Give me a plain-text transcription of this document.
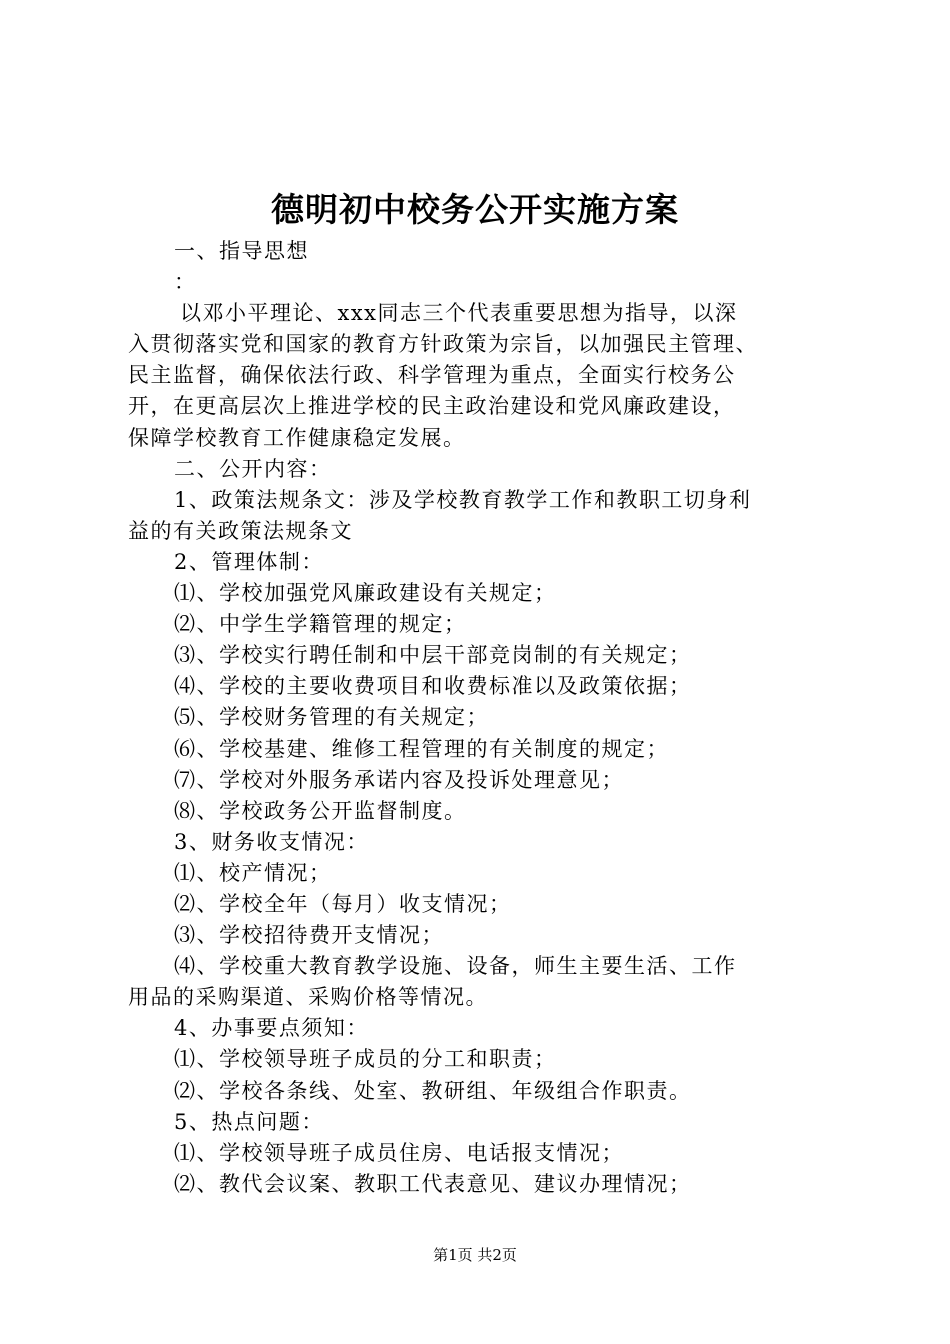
德明初中校务公开实施方案
一、指导思想
：
以邓小平理论、xxx同志三个代表重要思想为指导，以深
入贯彻落实党和国家的教育方针政策为宗旨，以加强民主管理、
民主监督，确保依法行政、科学管理为重点，全面实行校务公
开，在更高层次上推进学校的民主政治建设和党风廉政建设，
保障学校教育工作健康稳定发展。
二、公开内容：
1、政策法规条文：涉及学校教育教学工作和教职工切身利
益的有关政策法规条文
2、管理体制：
⑴、学校加强党风廉政建设有关规定；
⑵、中学生学籍管理的规定；
⑶、学校实行聘任制和中层干部竞岗制的有关规定；
⑷、学校的主要收费项目和收费标准以及政策依据；
⑸、学校财务管理的有关规定；
⑹、学校基建、维修工程管理的有关制度的规定；
⑺、学校对外服务承诺内容及投诉处理意见；
⑻、学校政务公开监督制度。
3、财务收支情况：
⑴、校产情况；
⑵、学校全年（每月）收支情况；
⑶、学校招待费开支情况；
⑷、学校重大教育教学设施、设备，师生主要生活、工作
用品的采购渠道、采购价格等情况。
4、办事要点须知：
⑴、学校领导班子成员的分工和职责；
⑵、学校各条线、处室、教研组、年级组合作职责。
5、热点问题：
⑴、学校领导班子成员住房、电话报支情况；
⑵、教代会议案、教职工代表意见、建议办理情况；
第1页 共2页
